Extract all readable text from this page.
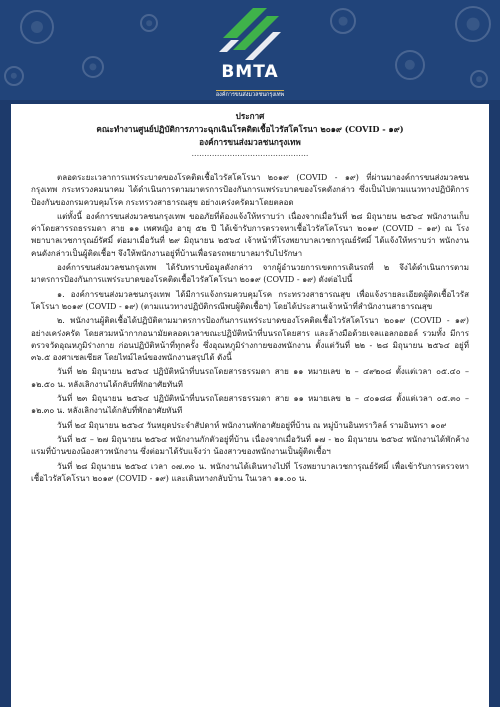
BMTA
องค์การขนส่งมวลชนกรุงเทพ
ประกาศ
คณะทำงานศูนย์ปฏิบัติการภาวะฉุกเฉินโรคติดเชื้อไวรัสโคโรนา ๒๐๑๙ (COVID - ๑๙)
องค์การขนส่งมวลชนกรุงเทพ
..............................................

ตลอดระยะเวลาการแพร่ระบาดของโรคติดเชื้อไวรัสโคโรนา ๒๐๑๙ (COVID - ๑๙) ที่ผ่านมาองค์การขนส่งมวลชนกรุงเทพ กระทรวงคมนาคม ได้ดำเนินการตามมาตรการป้องกันการแพร่ระบาดของโรคดังกล่าว ซึ่งเป็นไปตามแนวทางปฏิบัติการป้องกันของกรมควบคุมโรค กระทรวงสาธารณสุข อย่างเคร่งครัดมาโดยตลอด

แต่ทั้งนี้ องค์การขนส่งมวลชนกรุงเทพ ขออภัยที่ต้องแจ้งให้ทราบว่า เนื่องจากเมื่อวันที่ ๒๘ มิถุนายน ๒๕๖๔ พนักงานเก็บค่าโดยสารรถธรรมดา สาย ๑๑ เพศหญิง อายุ ๕๒ ปี ได้เข้ารับการตรวจหาเชื้อไวรัสโคโรนา ๒๐๑๙ (COVID – ๑๙) ณ โรงพยาบาลเวชการุณย์รัศมิ์ ต่อมาเมื่อวันที่ ๒๙ มิถุนายน ๒๕๖๔ เจ้าหน้าที่โรงพยาบาลเวชการุณย์รัศมิ์ ได้แจ้งให้ทราบว่า พนักงานคนดังกล่าวเป็นผู้ติดเชื้อฯ จึงให้พนักงานอยู่ที่บ้านเพื่อรอรถพยาบาลมารับไปรักษา

องค์การขนส่งมวลชนกรุงเทพ ได้รับทราบข้อมูลดังกล่าว จากผู้อำนวยการเขตการเดินรถที่ ๒ จึงได้ดำเนินการตามมาตรการป้องกันการแพร่ระบาดของโรคติดเชื้อไวรัสโคโรนา ๒๐๑๙ (COVID - ๑๙) ดังต่อไปนี้

๑. องค์การขนส่งมวลชนกรุงเทพ ได้มีการแจ้งกรมควบคุมโรค กระทรวงสาธารณสุข เพื่อแจ้งรายละเอียดผู้ติดเชื้อไวรัสโคโรนา ๒๐๑๙ (COVID - ๑๙) (ตามแนวทางปฏิบัติกรณีพบผู้ติดเชื้อฯ) โดยได้ประสานเจ้าหน้าที่สำนักงานสาธารณสุข

๒. พนักงานผู้ติดเชื้อได้ปฏิบัติตามมาตรการป้องกันการแพร่ระบาดของโรคติดเชื้อไวรัสโคโรนา ๒๐๑๙ (COVID - ๑๙) อย่างเคร่งครัด โดยสวมหน้ากากอนามัยตลอดเวลาขณะปฏิบัติหน้าที่บนรถโดยสาร และล้างมือด้วยเจลแอลกอฮอล์ รวมทั้ง มีการตรวจวัดอุณหภูมิร่างกาย ก่อนปฏิบัติหน้าที่ทุกครั้ง ซึ่งอุณหภูมิร่างกายของพนักงาน ตั้งแต่วันที่ ๒๒ - ๒๘ มิถุนายน ๒๕๖๔ อยู่ที่ ๓๖.๕ องศาเซลเซียส โดยไทม์ไลน์ของพนักงานสรุปได้ ดังนี้

วันที่ ๒๒ มิถุนายน ๒๕๖๔ ปฏิบัติหน้าที่บนรถโดยสารธรรมดา สาย ๑๑ หมายเลข ๒ – ๔๙๒๐๘ ตั้งแต่เวลา ๐๕.๔๐ – ๑๒.๕๐ น. หลังเลิกงานได้กลับที่พักอาศัยทันที

วันที่ ๒๓ มิถุนายน ๒๕๖๔ ปฏิบัติหน้าที่บนรถโดยสารธรรมดา สาย ๑๑ หมายเลข ๒ – ๔๐๑๘๘ ตั้งแต่เวลา ๐๕.๓๐ – ๑๒.๓๐ น. หลังเลิกงานได้กลับที่พักอาศัยทันที

วันที่ ๒๔ มิถุนายน ๒๕๖๔ วันหยุดประจำสัปดาห์ พนักงานพักอาศัยอยู่ที่บ้าน ณ หมู่บ้านอินทราวิลล์ รามอินทรา ๑๐๙

วันที่ ๒๕ – ๒๗ มิถุนายน ๒๕๖๔ พนักงานกักตัวอยู่ที่บ้าน เนื่องจากเมื่อวันที่ ๑๗ - ๒๐ มิถุนายน ๒๕๖๔ พนักงานได้พักค้างแรมที่บ้านของน้องสาวพนักงาน ซึ่งต่อมาได้รับแจ้งว่า น้องสาวของพนักงานเป็นผู้ติดเชื้อฯ

วันที่ ๒๘ มิถุนายน ๒๕๖๔ เวลา ๐๗.๓๐ น. พนักงานได้เดินทางไปที่ โรงพยาบาลเวชการุณย์รัศมิ์ เพื่อเข้ารับการตรวจหาเชื้อไวรัสโคโรนา ๒๐๑๙ (COVID - ๑๙) และเดินทางกลับบ้าน ในเวลา ๑๑.๐๐ น.
